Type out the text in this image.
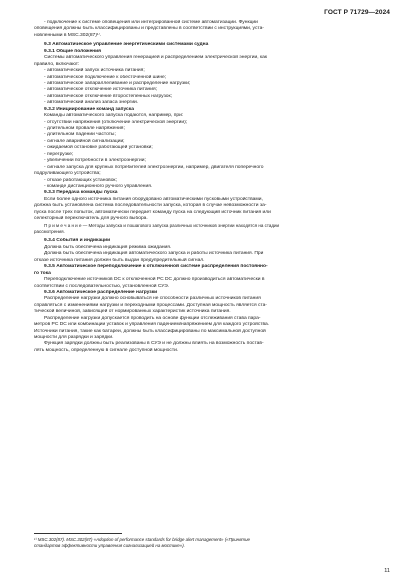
ГОСТ Р 71729—2024
- подключение к системе оповещения или интегрированной системе автоматизации. Функции
оповещения должны быть классифицированы и представлены в соответствии с инструкциями, уста-
новленными в MSC.302(87)¹⁾.
9.3 Автоматическое управление энергетическими системами судна
9.3.1 Общие положения
Системы автоматического управления генерацией и распределением электрической энергии, как
правило, включают:
- автоматический запуск источника питания;
- автоматическое подключение к обесточенной шине;
- автоматическое запараллеливание и распределение нагрузки;
- автоматическое отключение источника питания;
- автоматическое отключение второстепенных нагрузок;
- автоматический анализ запаса энергии.
9.3.2 Инициирование команд запуска
Команды автоматического запуска подаются, например, при:
- отсутствии напряжения (отключение электрической энергии);
- длительном провале напряжения;
- длительном падении частоты;
- сигнале аварийной сигнализации;
- ожидаемой остановке работающей установки;
- перегрузке;
- увеличении потребности в электроэнергии;
- сигнале запуска для крупных потребителей электроэнергии, например, двигателя поперечного
подруливающего устройства;
- отказе работающих установок;
- команде дистанционного ручного управления.
9.3.3 Передача команды пуска
Если более одного источника питания оборудовано автоматическими пусковыми устройствами,
должна быть установлена система последовательности запуска, которая в случае невозможности за-
пуска после трех попыток, автоматически передает команду пуска на следующий источник питания или
селекторный переключатель для ручного выбора.
П р и м е ч а н и е — Методы запуска и пошагового запуска различных источников энергии находятся на стадии
рассмотрения.
9.3.4 События и индикации
Должна быть обеспечена индикация режима ожидания.
Должна быть обеспечена индикация автоматического запуска и работы источника питания. При
отказе источника питания должен быть выдан предупредительный сигнал.
9.3.5 Автоматическое переподключение к отключенной системе распределения постоянно-
го тока
Переподключение источников DC к отключенной PC DC должно производиться автоматически в
соответствии с последовательностью, установленной СУЭ.
9.3.6 Автоматическое распределение нагрузки
Распределение нагрузки должно основываться не способности различных источников питания
справляться с изменениями нагрузки и переходными процессами. Доступная мощность является ста-
тической величиной, зависящей от нормированных характеристик источника питания.
Распределение нагрузки допускается проводить на основе функции отслеживания става пара-
метров PC DC или комбинации уставок и управления падением/напряжением для каждого устройства.
Источники питания, такие как батареи, должны быть классифицированы по максимальной доступной
мощности для разрядки и зарядки.
Функция зарядки должны быть реализованы в СУЭ и не должны влиять на возможность постав-
лять мощность, определенную в сигнале доступной мощности.
¹⁾ MSC.302(87). MSC.302(87) «Adoption of performance standards for bridge alert management» («Принятие
стандартов эффективности управления сигнализацией на мостике»).
11
